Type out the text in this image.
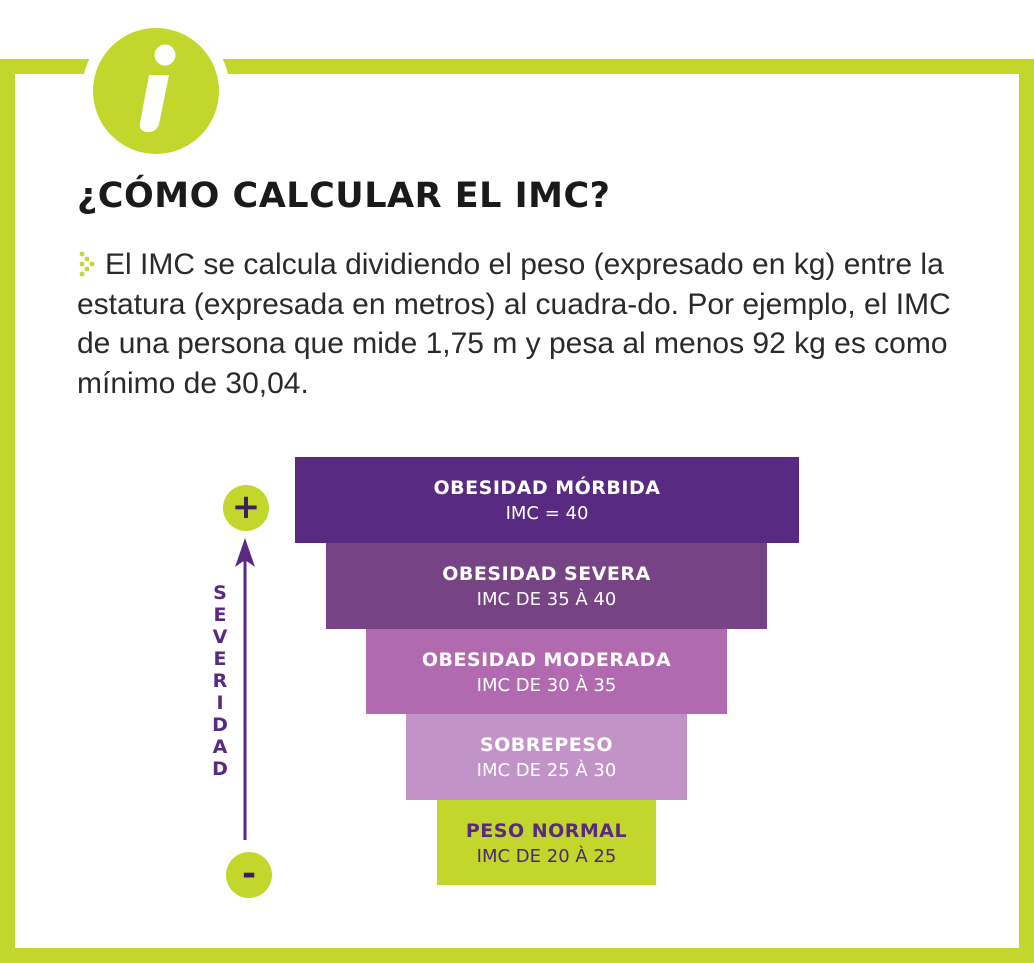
¿CÓMO CALCULAR EL IMC?

El IMC se calcula dividiendo el peso (expresado en kg) entre la estatura (expresada en metros) al cuadra-do. Por ejemplo, el IMC de una persona que mide 1,75 m y pesa al menos 92 kg es como mínimo de 30,04.

+

SEVERIDAD

-
OBESIDAD MÓRBIDA
IMC = 40
OBESIDAD SEVERA
IMC DE 35 À 40
OBESIDAD MODERADA
IMC DE 30 À 35
SOBREPESO
IMC DE 25 À 30
PESO NORMAL
IMC DE 20 À 25
